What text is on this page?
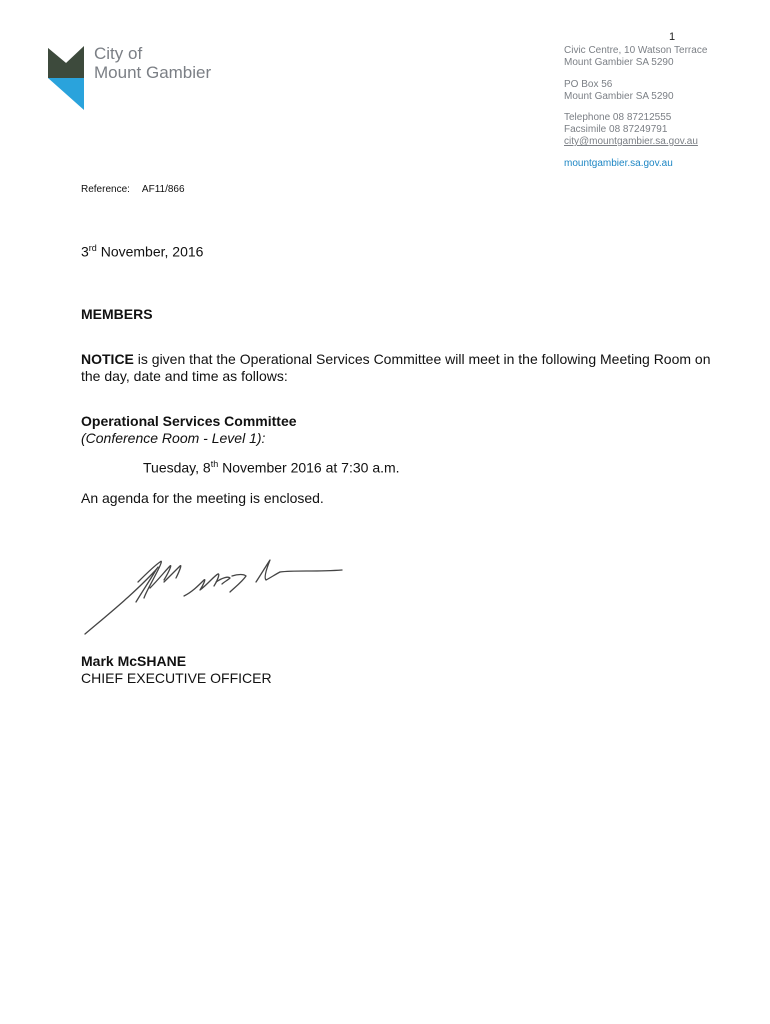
1
City of
Mount Gambier
Civic Centre, 10 Watson Terrace
Mount Gambier SA 5290
PO Box 56
Mount Gambier SA 5290
Telephone 08 87212555
Facsimile 08 87249791
city@mountgambier.sa.gov.au
mountgambier.sa.gov.au
Reference: AF11/866
3rd November, 2016
MEMBERS
NOTICE is given that the Operational Services Committee will meet in the following Meeting Room on the day, date and time as follows:
Operational Services Committee
(Conference Room - Level 1):
Tuesday, 8th November 2016 at 7:30 a.m.
An agenda for the meeting is enclosed.
Mark McSHANE
CHIEF EXECUTIVE OFFICER
